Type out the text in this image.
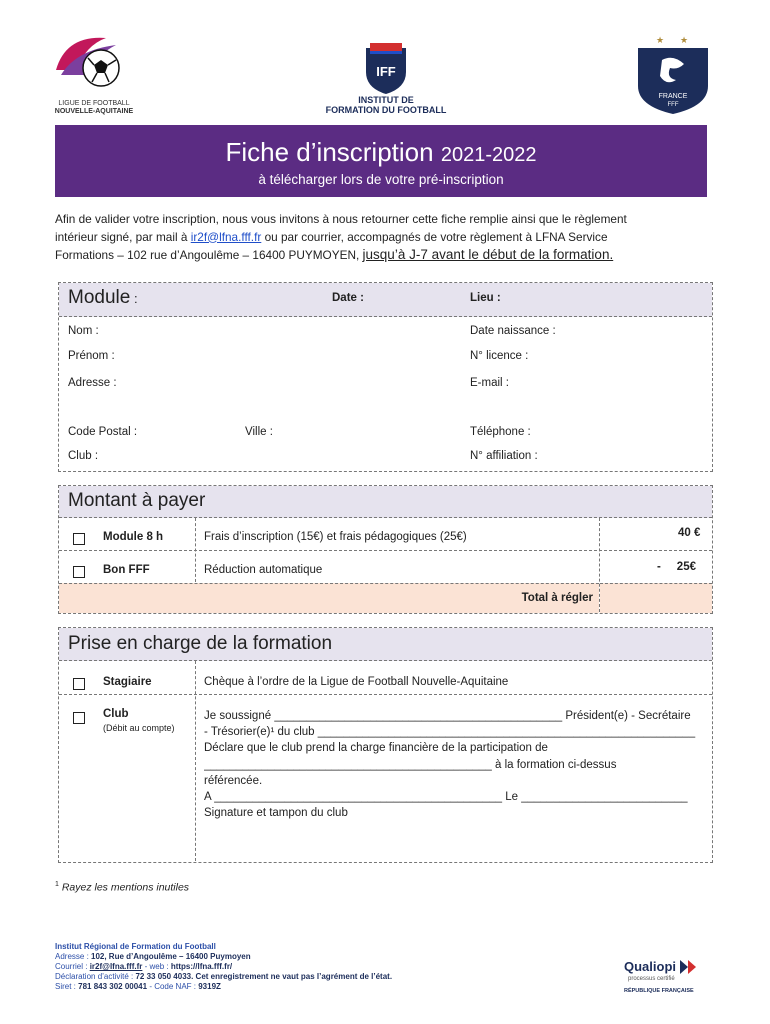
LIGUE DE FOOTBALL
NOUVELLE-AQUITAINE
IFF
INSTITUT DE
FORMATION DU FOOTBALL
★ ★
FRANCE
FFF
Fiche d’inscription 2021-2022
à télécharger lors de votre pré-inscription
Afin de valider votre inscription, nous vous invitons à nous retourner cette fiche remplie ainsi que le règlement
intérieur signé, par mail à ir2f@lfna.fff.fr ou par courrier, accompagnés de votre règlement à LFNA Service
Formations – 102 rue d’Angoulême – 16400 PUYMOYEN, jusqu’à J-7 avant le début de la formation.
Module :	Date :	Lieu :
Nom :	Date naissance :
Prénom :	N° licence :
Adresse :	E-mail :
Code Postal :	Ville :	Téléphone :
Club :	N° affiliation :
Montant à payer
Module 8 h	Frais d’inscription (15€) et frais pédagogiques (25€)	40 €
Bon FFF	Réduction automatique	-     25€
Total à régler
Prise en charge de la formation
Stagiaire	Chèque à l’ordre de la Ligue de Football Nouvelle-Aquitaine
Club
(Débit au compte)
Je soussigné _____________________________________________ Président(e) - Secrétaire
- Trésorier(e)¹ du club ___________________________________________________________
Déclare que le club prend la charge financière de la participation de
_____________________________________________ à la formation ci-dessus
référencée.
A _____________________________________________ Le __________________________
Signature et tampon du club
$^1$ Rayez les mentions inutiles
Institut Régional de Formation du Football
Adresse : 102, Rue d’Angoulême – 16400 Puymoyen
Courriel : ir2f@lfna.fff.fr - web : https://lfna.fff.fr/
Déclaration d’activité : 72 33 050 4033. Cet enregistrement ne vaut pas l’agrément de l’état.
Siret : 781 843 302 00041 - Code NAF : 9319Z
Qualiopi
processus certifié
RÉPUBLIQUE FRANÇAISE
